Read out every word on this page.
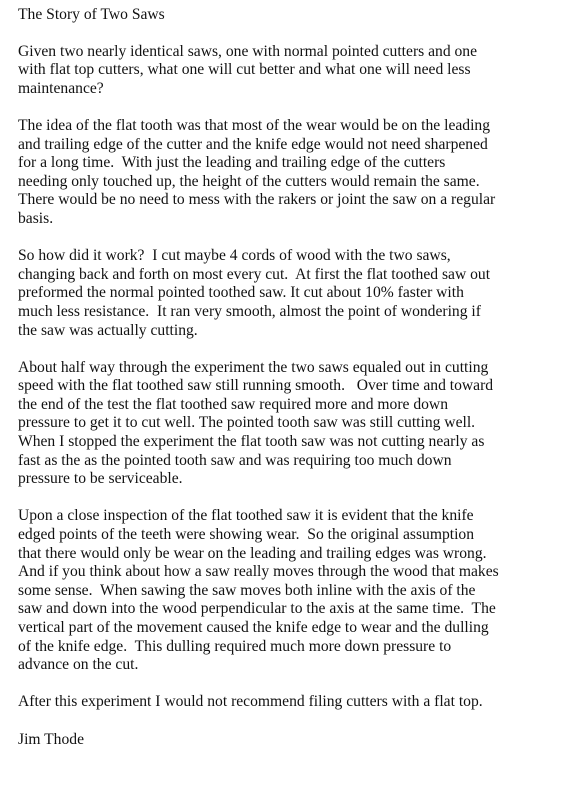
The Story of Two Saws
Given two nearly identical saws, one with normal pointed cutters and one
with flat top cutters, what one will cut better and what one will need less
maintenance?
The idea of the flat tooth was that most of the wear would be on the leading
and trailing edge of the cutter and the knife edge would not need sharpened
for a long time.  With just the leading and trailing edge of the cutters
needing only touched up, the height of the cutters would remain the same.
There would be no need to mess with the rakers or joint the saw on a regular
basis.
So how did it work?  I cut maybe 4 cords of wood with the two saws,
changing back and forth on most every cut.  At first the flat toothed saw out
preformed the normal pointed toothed saw. It cut about 10% faster with
much less resistance.  It ran very smooth, almost the point of wondering if
the saw was actually cutting.
About half way through the experiment the two saws equaled out in cutting
speed with the flat toothed saw still running smooth.   Over time and toward
the end of the test the flat toothed saw required more and more down
pressure to get it to cut well. The pointed tooth saw was still cutting well.
When I stopped the experiment the flat tooth saw was not cutting nearly as
fast as the as the pointed tooth saw and was requiring too much down
pressure to be serviceable.
Upon a close inspection of the flat toothed saw it is evident that the knife
edged points of the teeth were showing wear.  So the original assumption
that there would only be wear on the leading and trailing edges was wrong.
And if you think about how a saw really moves through the wood that makes
some sense.  When sawing the saw moves both inline with the axis of the
saw and down into the wood perpendicular to the axis at the same time.  The
vertical part of the movement caused the knife edge to wear and the dulling
of the knife edge.  This dulling required much more down pressure to
advance on the cut.
After this experiment I would not recommend filing cutters with a flat top.
Jim Thode
